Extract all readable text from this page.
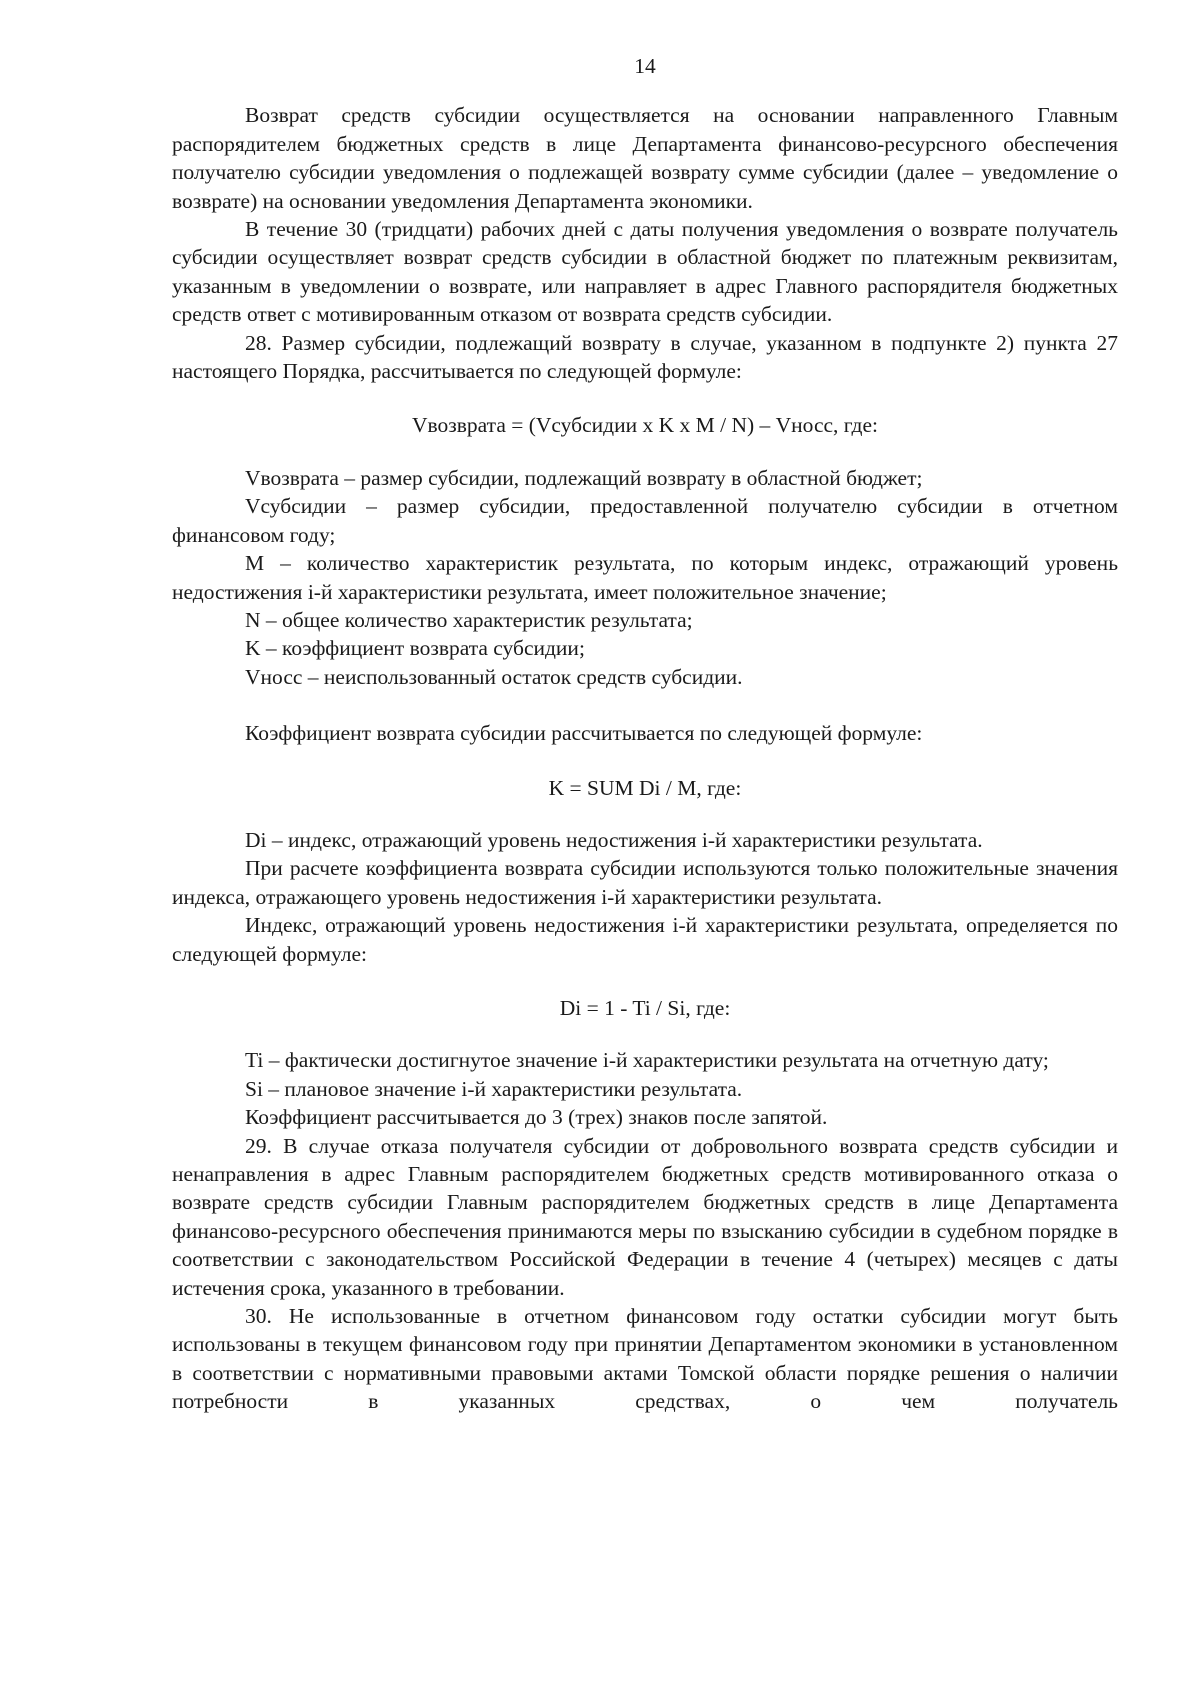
14

Возврат средств субсидии осуществляется на основании направленного Главным распорядителем бюджетных средств в лице Департамента финансово-ресурсного обеспечения получателю субсидии уведомления о подлежащей возврату сумме субсидии (далее – уведомление о возврате) на основании уведомления Департамента экономики.

В течение 30 (тридцати) рабочих дней с даты получения уведомления о возврате получатель субсидии осуществляет возврат средств субсидии в областной бюджет по платежным реквизитам, указанным в уведомлении о возврате, или направляет в адрес Главного распорядителя бюджетных средств ответ с мотивированным отказом от возврата средств субсидии.

28. Размер субсидии, подлежащий возврату в случае, указанном в подпункте 2) пункта 27 настоящего Порядка, рассчитывается по следующей формуле:

Vвозврата = (Vсубсидии x K x M / N) – Vносс, где:

Vвозврата – размер субсидии, подлежащий возврату в областной бюджет;

Vсубсидии – размер субсидии, предоставленной получателю субсидии в отчетном финансовом году;

M – количество характеристик результата, по которым индекс, отражающий уровень недостижения i-й характеристики результата, имеет положительное значение;

N – общее количество характеристик результата;

K – коэффициент возврата субсидии;

Vносс – неиспользованный остаток средств субсидии.

Коэффициент возврата субсидии рассчитывается по следующей формуле:

K = SUM Di / M, где:

Di – индекс, отражающий уровень недостижения i-й характеристики результата.

При расчете коэффициента возврата субсидии используются только положительные значения индекса, отражающего уровень недостижения i-й характеристики результата.

Индекс, отражающий уровень недостижения i-й характеристики результата, определяется по следующей формуле:

Di = 1 - Ti / Si, где:

Ti – фактически достигнутое значение i-й характеристики результата на отчетную дату;

Si – плановое значение i-й характеристики результата.

Коэффициент рассчитывается до 3 (трех) знаков после запятой.

29. В случае отказа получателя субсидии от добровольного возврата средств субсидии и ненаправления в адрес Главным распорядителем бюджетных средств мотивированного отказа о возврате средств субсидии Главным распорядителем бюджетных средств в лице Департамента финансово-ресурсного обеспечения принимаются меры по взысканию субсидии в судебном порядке в соответствии с законодательством Российской Федерации в течение 4 (четырех) месяцев с даты истечения срока, указанного в требовании.

30. Не использованные в отчетном финансовом году остатки субсидии могут быть использованы в текущем финансовом году при принятии Департаментом экономики в установленном в соответствии с нормативными правовыми актами Томской области порядке решения о наличии потребности в указанных средствах, о чем получатель
